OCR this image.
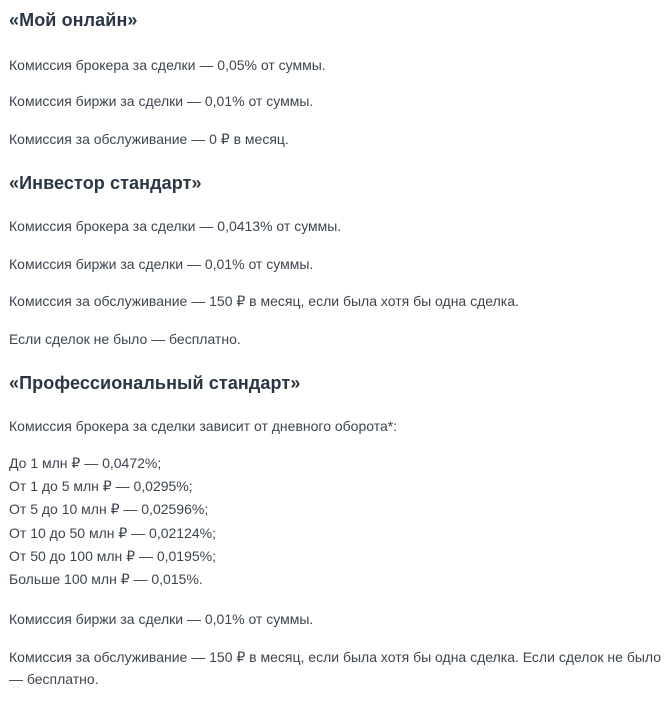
«Мой онлайн»

Комиссия брокера за сделки — 0,05% от суммы.

Комиссия биржи за сделки — 0,01% от суммы.

Комиссия за обслуживание — 0 ₽ в месяц.

«Инвестор стандарт»

Комиссия брокера за сделки — 0,0413% от суммы.

Комиссия биржи за сделки — 0,01% от суммы.

Комиссия за обслуживание — 150 ₽ в месяц, если была хотя бы одна сделка.

Если сделок не было — бесплатно.

«Профессиональный стандарт»

Комиссия брокера за сделки зависит от дневного оборота*:

До 1 млн ₽ — 0,0472%;
От 1 до 5 млн ₽ — 0,0295%;
От 5 до 10 млн ₽ — 0,02596%;
От 10 до 50 млн ₽ — 0,02124%;
От 50 до 100 млн ₽ — 0,0195%;
Больше 100 млн ₽ — 0,015%.

Комиссия биржи за сделки — 0,01% от суммы.

Комиссия за обслуживание — 150 ₽ в месяц, если была хотя бы одна сделка. Если сделок не было — бесплатно.
